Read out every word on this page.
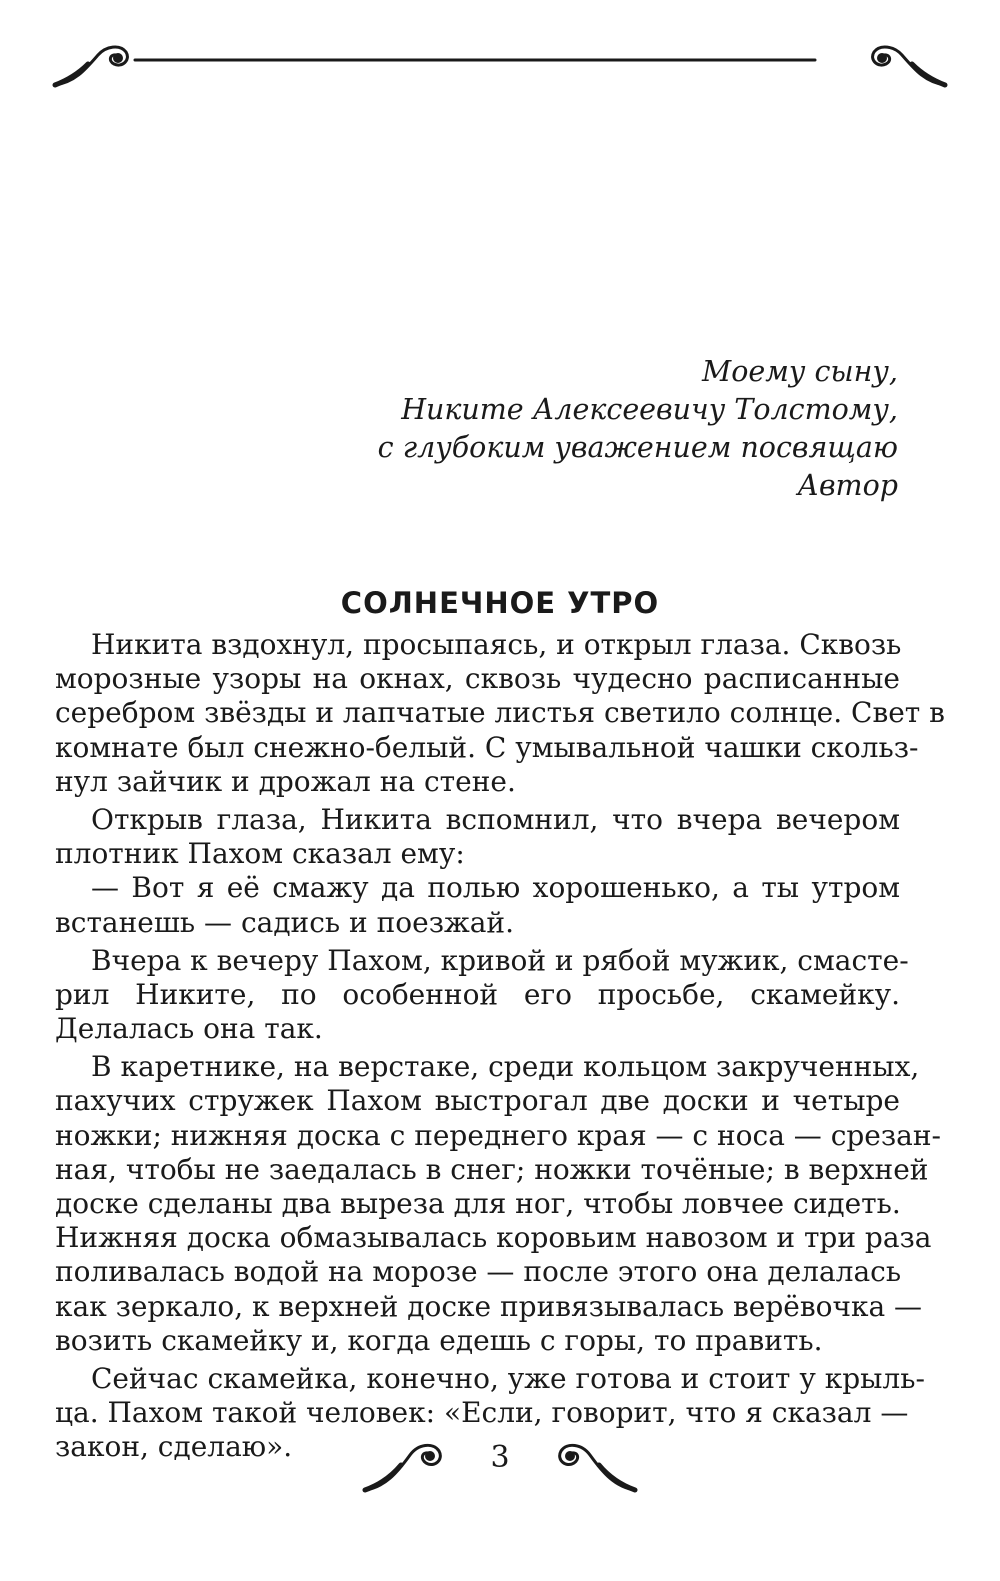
Моему сыну,
Никите Алексеевичу Толстому,
с глубоким уважением посвящаю
Автор
СОЛНЕЧНОЕ УТРО
Никита вздохнул, просыпаясь, и открыл глаза. Сквозь
морозные узоры на окнах, сквозь чудесно расписанные
серебром звёзды и лапчатые листья светило солнце. Свет в
комнате был снежно-белый. С умывальной чашки скольз-
нул зайчик и дрожал на стене.
Открыв глаза, Никита вспомнил, что вчера вечером
плотник Пахом сказал ему:
— Вот я её смажу да полью хорошенько, а ты утром
встанешь — садись и поезжай.
Вчера к вечеру Пахом, кривой и рябой мужик, смасте-
рил Никите, по особенной его просьбе, скамейку.
Делалась она так.
В каретнике, на верстаке, среди кольцом закрученных,
пахучих стружек Пахом выстрогал две доски и четыре
ножки; нижняя доска с переднего края — с носа — срезан-
ная, чтобы не заедалась в снег; ножки точёные; в верхней
доске сделаны два выреза для ног, чтобы ловчее сидеть.
Нижняя доска обмазывалась коровьим навозом и три раза
поливалась водой на морозе — после этого она делалась
как зеркало, к верхней доске привязывалась верёвочка —
возить скамейку и, когда едешь с горы, то править.
Сейчас скамейка, конечно, уже готова и стоит у крыль-
ца. Пахом такой человек: «Если, говорит, что я сказал —
закон, сделаю».	3
